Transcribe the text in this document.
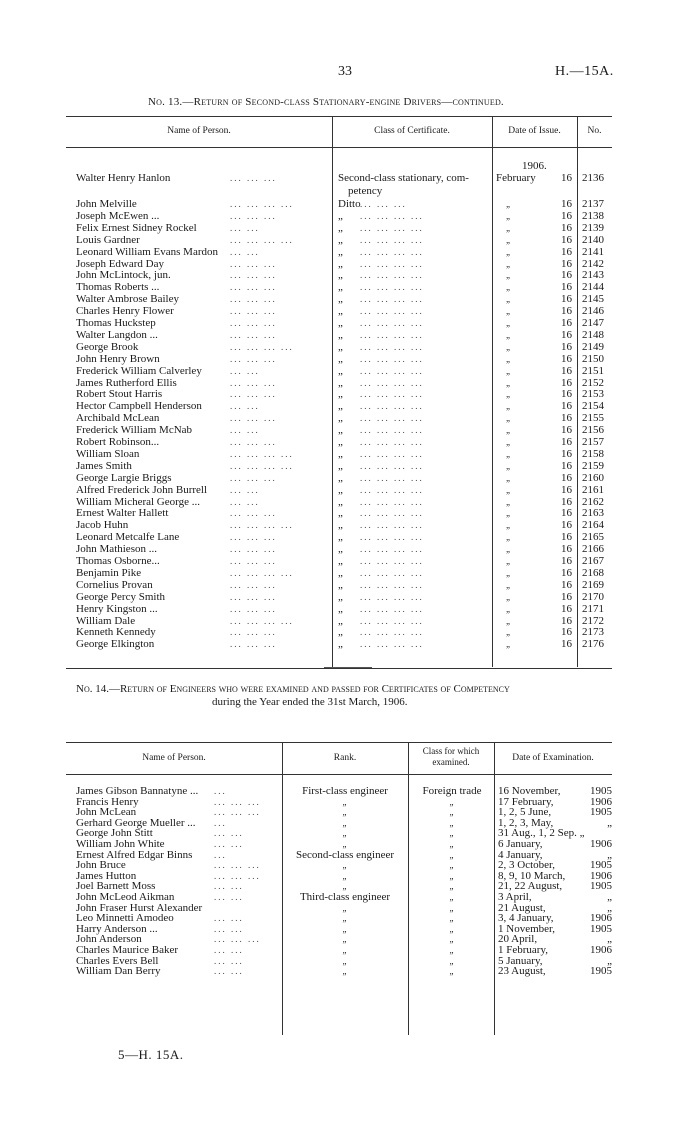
33	H.—15A.
No. 13.—Return of Second-class Stationary-engine Drivers—continued.
Name of Person.	Class of Certificate.	Date of Issue.	No.
1906.
Walter Henry Hanlon	... ... ...	Second-class stationary, com- February	16 2136
petency
John Melville	... ... ... ...	Ditto ... ... ...	„	16 2137
Joseph McEwen ...	... ... ...	„ ... ... ... ...	„	16 2138
Felix Ernest Sidney Rockel	... ...	„ ... ... ... ...	„	16 2139
Louis Gardner	... ... ... ...	„ ... ... ... ...	„	16 2140
Leonard William Evans Mardon ... ...	„ ... ... ... ...	„	16 2141
Joseph Edward Day	... ... ...	„ ... ... ... ...	„	16 2142
John McLintock, jun.	... ... ...	„ ... ... ... ...	„	16 2143
Thomas Roberts ...	... ... ...	„ ... ... ... ...	„	16 2144
Walter Ambrose Bailey	... ... ...	„ ... ... ... ...	„	16 2145
Charles Henry Flower	... ... ...	„ ... ... ... ...	„	16 2146
Thomas Huckstep	... ... ...	„ ... ... ... ...	„	16 2147
Walter Langdon ...	... ... ...	„ ... ... ... ...	„	16 2148
George Brook	... ... ... ...	„ ... ... ... ...	„	16 2149
John Henry Brown	... ... ...	„ ... ... ... ...	„	16 2150
Frederick William Calverley	... ...	„ ... ... ... ...	„	16 2151
James Rutherford Ellis	... ... ...	„ ... ... ... ...	„	16 2152
Robert Stout Harris	... ... ...	„ ... ... ... ...	„	16 2153
Hector Campbell Henderson	... ...	„ ... ... ... ...	„	16 2154
Archibald McLean	... ... ...	„ ... ... ... ...	„	16 2155
Frederick William McNab	... ...	„ ... ... ... ...	„	16 2156
Robert Robinson...	... ... ...	„ ... ... ... ...	„	16 2157
William Sloan	... ... ... ...	„ ... ... ... ...	„	16 2158
James Smith	... ... ... ...	„ ... ... ... ...	„	16 2159
George Largie Briggs	... ... ...	„ ... ... ... ...	„	16 2160
Alfred Frederick John Burrell	... ...	„ ... ... ... ...	„	16 2161
William Micheral George ...	... ...	„ ... ... ... ...	„	16 2162
Ernest Walter Hallett	... ... ...	„ ... ... ... ...	„	16 2163
Jacob Huhn	... ... ... ...	„ ... ... ... ...	„	16 2164
Leonard Metcalfe Lane	... ... ...	„ ... ... ... ...	„	16 2165
John Mathieson ...	... ... ...	„ ... ... ... ...	„	16 2166
Thomas Osborne...	... ... ...	„ ... ... ... ...	„	16 2167
Benjamin Pike	... ... ... ...	„ ... ... ... ...	„	16 2168
Cornelius Provan	... ... ...	„ ... ... ... ...	„	16 2169
George Percy Smith	... ... ...	„ ... ... ... ...	„	16 2170
Henry Kingston ...	... ... ...	„ ... ... ... ...	„	16 2171
William Dale	... ... ... ...	„ ... ... ... ...	„	16 2172
Kenneth Kennedy	... ... ...	„ ... ... ... ...	„	16 2173
George Elkington	... ... ...	„ ... ... ... ...	„	16 2176
No. 14.—Return of Engineers who were examined and passed for Certificates of Competency
during the Year ended the 31st March, 1906.
Name of Person.	Rank.
Class for which
examined.	Date of Examination.
James Gibson Bannatyne ... ...	First-class engineer	Foreign trade	16 November,	1905
Francis Henry	... ... ...	„	„	17 February,	1906
John McLean	... ... ...	„	„	1, 2, 5 June,	1905
Gerhard George Mueller ... ...	„	„	1, 2, 3, May,	„
George John Stitt	... ...	„	„	31 Aug., 1, 2 Sep. „
William John White	... ...	„	„	6 January,	1906
Ernest Alfred Edgar Binns ...	Second-class engineer	„	4 January,	„
John Bruce	... ... ...	„	„	2, 3 October,	1905
James Hutton	... ... ...	„	„	8, 9, 10 March,	1906
Joel Barnett Moss	... ...	„	„	21, 22 August,	1905
John McLeod Aikman	... ...	Third-class engineer	„	3 April,	„
John Fraser Hurst Alexander	„	„	21 August,	„
Leo Minnetti Amodeo	... ...	„	„	3, 4 January,	1906
Harry Anderson ...	... ...	„	„	1 November,	1905
John Anderson	... ... ...	„	„	20 April,	„
Charles Maurice Baker	... ...	„	„	1 February,	1906
Charles Evers Bell	... ...	„	„	5 January,	„
William Dan Berry	... ...	„	„	23 August,	1905
5—H. 15A.
